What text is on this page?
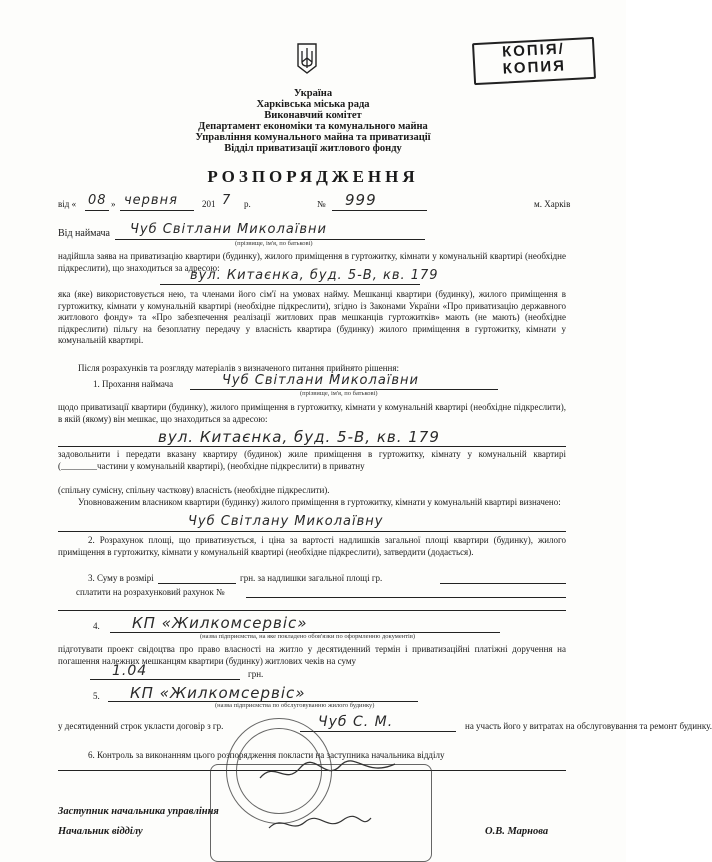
КОПІЯ/
КОПИЯ
Україна
Харківська міська рада
Виконавчий комітет
Департамент економіки та комунального майна
Управління комунального майна та приватизації
Відділ приватизації житлового фонду
РОЗПОРЯДЖЕННЯ
від « 08 » червня	201 7 р.	№ 999	м. Харків
Від наймача Чуб Світлани Миколаївни
(прізвище, ім'я, по батькові)
надійшла заява на приватизацію квартири (будинку), жилого приміщення в гуртожитку, кімнати у комунальній квартирі (необхідне підкреслити), що знаходиться за адресою:
вул. Китаєнка, буд. 5-В, кв. 179
яка (яке) використовується нею, та членами його сім'ї на умовах найму. Мешканці квартири (будинку), жилого приміщення в гуртожитку, кімнати у комунальній квартирі (необхідне підкреслити), згідно із Законами України «Про приватизацію державного житлового фонду» та «Про забезпечення реалізації житлових прав мешканців гуртожитків» мають (не мають) (необхідне підкреслити) пільгу на безоплатну передачу у власність квартира (будинку) жилого приміщення в гуртожитку, кімнати у комунальній квартирі.
Після розрахунків та розгляду матеріалів з визначеного питання прийнято рішення:
1. Прохання наймача	Чуб Світлани Миколаївни
(прізвище, ім'я, по батькові)
щодо приватизації квартири (будинку), жилого приміщення в гуртожитку, кімнати у комунальній квартирі (необхідне підкреслити), в якій (якому) він мешкає, що знаходиться за адресою:
вул. Китаєнка, буд. 5-В, кв. 179
задовольнити і передати вказану квартиру (будинок) жиле приміщення в гуртожитку, кімнату у комунальній квартирі (________частини у комунальній квартирі), (необхідне підкреслити) в приватну
(спільну сумісну, спільну часткову) власність (необхідне підкреслити).
Уповноваженим власником квартири (будинку) жилого приміщення в гуртожитку, кімнати у комунальній квартирі визначено:
Чуб Світлану Миколаївну
2. Розрахунок площі, що приватизується, і ціна за вартості надлишків загальної площі квартири (будинку), жилого приміщення в гуртожитку, кімнати у комунальній квартирі (необхідне підкреслити), затвердити (додається).
3. Суму в розмірі	грн. за надлишки загальної площі гр.
сплатити на розрахунковий рахунок №
4. КП «Жилкомсервіс»
(назва підприємства, на яке покладено обов'язки по оформленню документів)
підготувати проект свідоцтва про право власності на житло у десятиденний термін і приватизаційні платіжні доручення на погашення належних мешканцям квартири (будинку) житлових чеків на суму
1.04	грн.
5. КП «Жилкомсервіс»
(назва підприємства по обслуговуванню жилого будинку)
у десятиденний строк укласти договір з гр.	Чуб С. М.	на участь його у витратах на обслуговування та ремонт будинку.
6. Контроль за виконанням цього розпорядження покласти на заступника начальника відділу
Заступник начальника управління
Начальник відділу	О.В. Марнова
